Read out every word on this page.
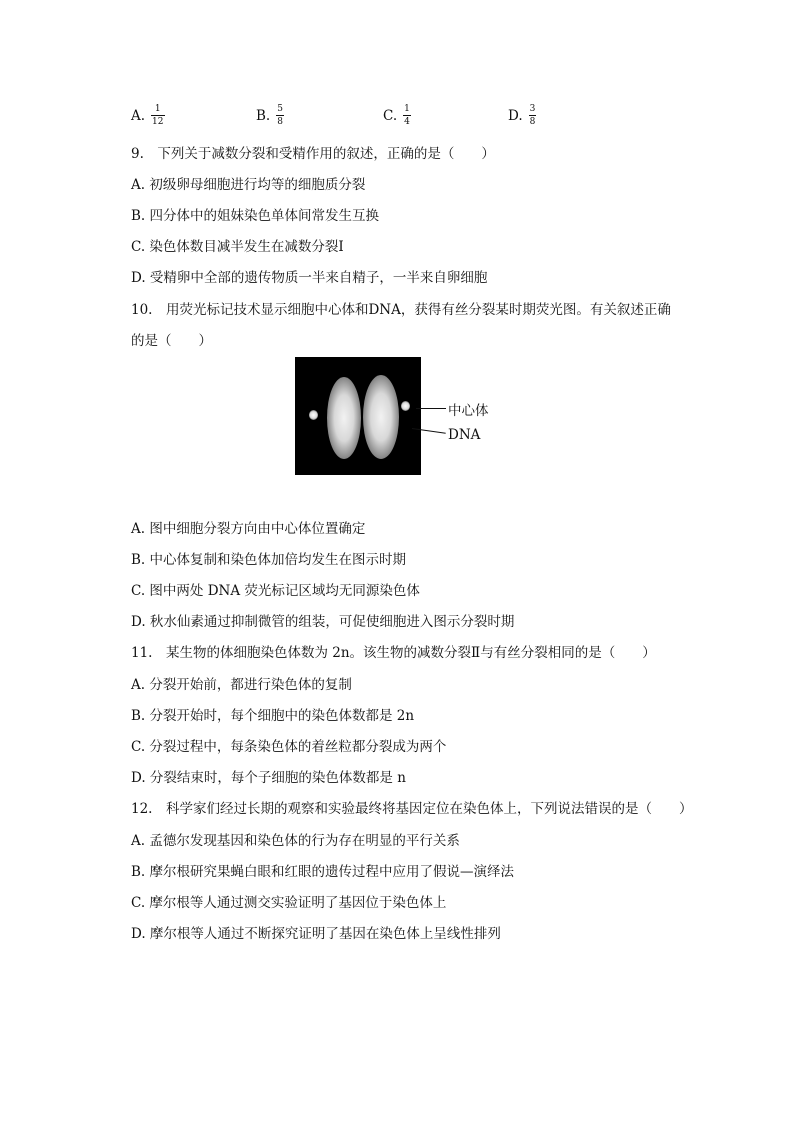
A. $\frac{1}{12}$	B. $\frac{5}{8}$	C. $\frac{1}{4}$	D. $\frac{3}{8}$
9.　下列关于减数分裂和受精作用的叙述，正确的是（　　）
A. 初级卵母细胞进行均等的细胞质分裂
B. 四分体中的姐妹染色单体间常发生互换
C. 染色体数目减半发生在减数分裂Ⅰ
D. 受精卵中全部的遗传物质一半来自精子，一半来自卵细胞
10.　用荧光标记技术显示细胞中心体和DNA，获得有丝分裂某时期荧光图。有关叙述正确
的是（　　）
中心体
DNA
A. 图中细胞分裂方向由中心体位置确定
B. 中心体复制和染色体加倍均发生在图示时期
C. 图中两处 DNA 荧光标记区域均无同源染色体
D. 秋水仙素通过抑制微管的组装，可促使细胞进入图示分裂时期
11.　某生物的体细胞染色体数为 2n。该生物的减数分裂Ⅱ与有丝分裂相同的是（　　）
A. 分裂开始前，都进行染色体的复制
B. 分裂开始时，每个细胞中的染色体数都是 2n
C. 分裂过程中，每条染色体的着丝粒都分裂成为两个
D. 分裂结束时，每个子细胞的染色体数都是 n
12.　科学家们经过长期的观察和实验最终将基因定位在染色体上，下列说法错误的是（　　）
A. 孟德尔发现基因和染色体的行为存在明显的平行关系
B. 摩尔根研究果蝇白眼和红眼的遗传过程中应用了假说—演绎法
C. 摩尔根等人通过测交实验证明了基因位于染色体上
D. 摩尔根等人通过不断探究证明了基因在染色体上呈线性排列
